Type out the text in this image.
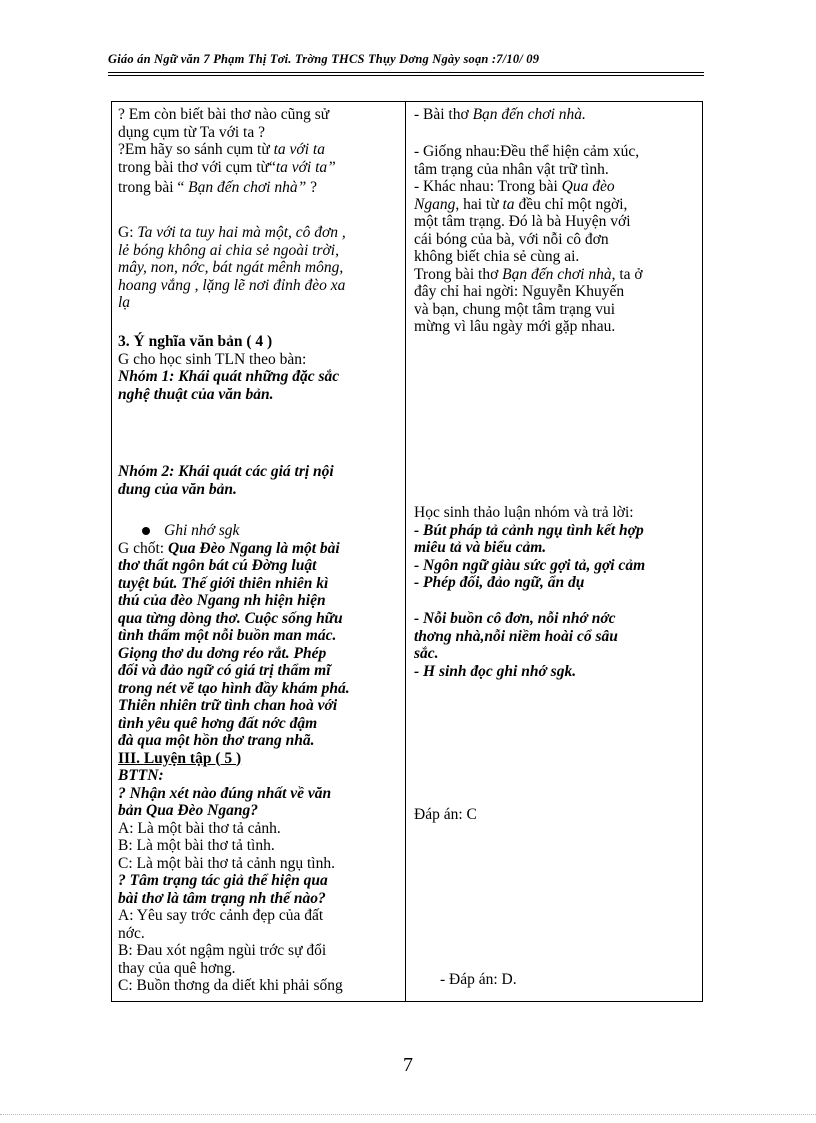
Giáo án Ngữ văn 7 Phạm Thị Tơi. Trờng THCS Thụy Dơng Ngày soạn :7/10/ 09

? Em còn biết bài thơ nào cũng sử

dụng cụm từ Ta với ta ?

?Em hãy so sánh cụm từ ta với ta

trong bài thơ với cụm từ“ta với ta”

trong bài “ Bạn đến chơi nhà” ?

G: Ta với ta tuy hai mà một, cô đơn ,

lẻ bóng không ai chia sẻ ngoài trời,

mây, non, nớc, bát ngát mênh mông,

hoang vắng , lặng lẽ nơi đỉnh đèo xa

lạ

3. Ý nghĩa văn bản ( 4 )

G cho học sinh TLN theo bàn:

Nhóm 1: Khái quát những đặc sắc

nghệ thuật của văn bản.

Nhóm 2: Khái quát các giá trị nội

dung của văn bản.

Ghi nhớ sgk

G chốt: Qua Đèo Ngang là một bài

thơ thất ngôn bát cú Đờng luật

tuyệt bút. Thế giới thiên nhiên kì

thú của đèo Ngang nh hiện hiện

qua từng dòng thơ. Cuộc sống hữu

tình thấm một nỗi buồn man mác.

Giọng thơ du dơng réo rắt. Phép

đối và đảo ngữ có giá trị thẩm mĩ

trong nét vẽ tạo hình đầy khám phá.

Thiên nhiên trữ tình chan hoà với

tình yêu quê hơng đất nớc đậm

đà qua một hồn thơ trang nhã.

III. Luyện tập ( 5 )

BTTN:

? Nhận xét nào đúng nhất về văn

bản Qua Đèo Ngang?

A: Là một bài thơ tả cảnh.

B: Là một bài thơ tả tình.

C: Là một bài thơ tả cảnh ngụ tình.

? Tâm trạng tác giả thể hiện qua

bài thơ là tâm trạng nh thế nào?

A: Yêu say trớc cảnh đẹp của đất

nớc.

B: Đau xót ngậm ngùi trớc sự đổi

thay của quê hơng.

C: Buồn thơng da diết khi phải sống

- Bài thơ Bạn đến chơi nhà.

- Giống nhau:Đều thể hiện cảm xúc,

tâm trạng của nhân vật trữ tình.

- Khác nhau: Trong bài Qua đèo

Ngang, hai từ ta đều chỉ một ngời,

một tâm trạng. Đó là bà Huyện với

cái bóng của bà, với nỗi cô đơn

không biết chia sẻ cùng ai.

Trong bài thơ Bạn đến chơi nhà, ta ở

đây chỉ hai ngời: Nguyễn Khuyến

và bạn, chung một tâm trạng vui

mừng vì lâu ngày mới gặp nhau.

Học sinh thảo luận nhóm và trả lời:

- Bút pháp tả cảnh ngụ tình kết hợp

miêu tả và biểu cảm.

- Ngôn ngữ giàu sức gợi tả, gợi cảm

- Phép đối, đảo ngữ, ẩn dụ

- Nỗi buồn cô đơn, nỗi nhớ nớc

thơng nhà,nỗi niềm hoài cổ sâu

sắc.

- H sinh đọc ghi nhớ sgk.

Đáp án: C

- Đáp án: D.

7
